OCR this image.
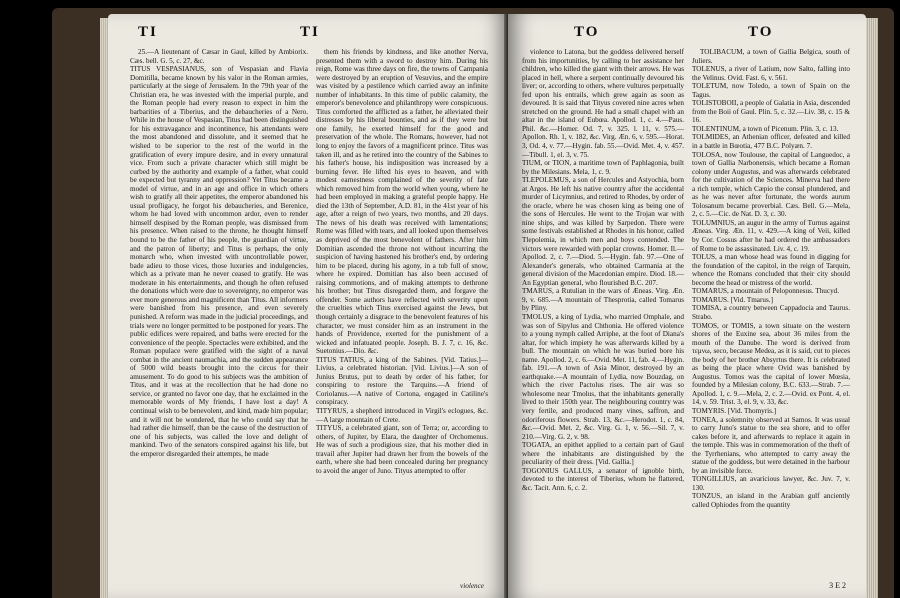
TI	TI

25.—A lieutenant of Cæsar in Gaul, killed by Ambiorix. Cæs. bell. G. 5, c. 27, &c.
TITUS VESPASIANUS, son of Vespasian and Flavia Domitilla, became known by his valor in the Roman armies, particularly at the siege of Jerusalem. In the 79th year of the Christian era, he was invested with the imperial purple, and the Roman people had every reason to expect in him the barbarities of a Tiberius, and the debaucheries of a Nero. While in the house of Vespasian, Titus had been distinguished for his extravagance and incontinence, his attendants were the most abandoned and dissolute, and it seemed that he wished to be superior to the rest of the world in the gratification of every impure desire, and in every unnatural vice. From such a private character which still might be curbed by the authority and example of a father, what could be expected but tyranny and oppression? Yet Titus became a model of virtue, and in an age and office in which others wish to gratify all their appetites, the emperor abandoned his usual profligacy, he forgot his debaucheries, and Berenice, whom he had loved with uncommon ardor, even to render himself despised by the Roman people, was dismissed from his presence. When raised to the throne, he thought himself bound to be the father of his people, the guardian of virtue, and the patron of liberty; and Titus is perhaps, the only monarch who, when invested with uncontrollable power, bade adieu to those vices, those luxuries and indulgencies, which as a private man he never ceased to gratify. He was moderate in his entertainments, and though he often refused the donations which were due to sovereignty, no emperor was ever more generous and magnificent than Titus. All informers were banished from his presence, and even severely punished. A reform was made in the judicial proceedings, and trials were no longer permitted to be postponed for years. The public edifices were repaired, and baths were erected for the convenience of the people. Spectacles were exhibited, and the Roman populace were gratified with the sight of a naval combat in the ancient naumachia, and the sudden appearance of 5000 wild beasts brought into the circus for their amusement. To do good to his subjects was the ambition of Titus, and it was at the recollection that he had done no service, or granted no favor one day, that he exclaimed in the memorable words of My friends, I have lost a day! A continual wish to be benevolent, and kind, made him popular; and it will not be wondered, that he who could say that he had rather die himself, than be the cause of the destruction of one of his subjects, was called the love and delight of mankind. Two of the senators conspired against his life, but the emperor disregarded their attempts, he made

them his friends by kindness, and like another Nerva, presented them with a sword to destroy him. During his reign, Rome was three days on fire, the towns of Campania were destroyed by an eruption of Vesuvius, and the empire was visited by a pestilence which carried away an infinite number of inhabitants. In this time of public calamity, the emperor's benevolence and philanthropy were conspicuous. Titus comforted the afflicted as a father, he alleviated their distresses by his liberal bounties, and as if they were but one family, he exerted himself for the good and preservation of the whole. The Romans, however, had not long to enjoy the favors of a magnificent prince. Titus was taken ill, and as he retired into the country of the Sabines to his father's house, his indisposition was increased by a burning fever. He lifted his eyes to heaven, and with modest earnestness complained of the severity of fate which removed him from the world when young, where he had been employed in making a grateful people happy. He died the 13th of September, A.D. 81, in the 41st year of his age, after a reign of two years, two months, and 20 days. The news of his death was received with lamentations; Rome was filled with tears, and all looked upon themselves as deprived of the most benevolent of fathers. After him Domitian ascended the throne not without incurring the suspicion of having hastened his brother's end, by ordering him to be placed, during his agony, in a tub full of snow, where he expired. Domitian has also been accused of raising commotions, and of making attempts to dethrone his brother; but Titus disregarded them, and forgave the offender. Some authors have reflected with severity upon the cruelties which Titus exercised against the Jews, but though certainly a disgrace to the benevolent features of his character, we must consider him as an instrument in the hands of Providence, exerted for the punishment of a wicked and infatuated people. Joseph. B. J. 7, c. 16, &c. Suetonius.—Dio. &c.
TITUS TATIUS, a king of the Sabines. [Vid. Tatius.]—Livius, a celebrated historian. [Vid. Livius.]—A son of Junius Brutus, put to death by order of his father, for conspiring to restore the Tarquins.—A friend of Coriolanus.—A native of Cortona, engaged in Catiline's conspiracy.
TITYRUS, a shepherd introduced in Virgil's eclogues, &c.—A large mountain of Crete.
TITYUS, a celebrated giant, son of Terra; or, according to others, of Jupiter, by Elara, the daughter of Orchomenus. He was of such a prodigious size, that his mother died in travail after Jupiter had drawn her from the bowels of the earth, where she had been concealed during her pregnancy to avoid the anger of Juno. Tityus attempted to offer

violence
TO	TO

violence to Latona, but the goddess delivered herself from his importunities, by calling to her assistance her children, who killed the giant with their arrows. He was placed in hell, where a serpent continually devoured his liver; or, according to others, where vultures perpetually fed upon his entrails, which grew again as soon as devoured. It is said that Tityus covered nine acres when stretched on the ground. He had a small chapel with an altar in the island of Eubœa. Apollod. 1, c. 4.—Paus. Phil. &c.—Homer. Od. 7, v. 325. l. 11, v. 575.—Apollon. Rh. 1, v. 182, &c. Virg. Æn. 6, v. 595.—Horat. 3, Od. 4, v. 77.—Hygin. fab. 55.—Ovid. Met. 4, v. 457.—Tibull. 1, el. 3, v. 75.
TIUM, or TION, a maritime town of Paphlagonia, built by the Milesians. Mela, 1, c. 9.
TLEPOLEMUS, a son of Hercules and Astyochia, born at Argos. He left his native country after the accidental murder of Licymnius, and retired to Rhodes, by order of the oracle, where he was chosen king as being one of the sons of Hercules. He went to the Trojan war with nine ships, and was killed by Sarpedon. There were some festivals established at Rhodes in his honor, called Tlepolemia, in which men and boys contended. The victors were rewarded with poplar crowns. Homer. Il.—Apollod. 2, c. 7.—Diod. 5.—Hygin. fab. 97.—One of Alexander's generals, who obtained Carmania at the general division of the Macedonian empire. Diod. 18.—An Egyptian general, who flourished B.C. 207.
TMARUS, a Rutulian in the wars of Æneas. Virg. Æn. 9, v. 685.—A mountain of Thesprotia, called Tomarus by Pliny.
TMOLUS, a king of Lydia, who married Omphale, and was son of Sipylus and Chthonia. He offered violence to a young nymph called Arriphe, at the foot of Diana's altar, for which impiety he was afterwards killed by a bull. The mountain on which he was buried bore his name. Apollod. 2, c. 6.—Ovid. Met. 11, fab. 4.—Hygin. fab. 191.—A town of Asia Minor, destroyed by an earthquake.—A mountain of Lydia, now Bouzdag, on which the river Pactolus rises. The air was so wholesome near Tmolus, that the inhabitants generally lived to their 150th year. The neighbouring country was very fertile, and produced many vines, saffron, and odoriferous flowers. Strab. 13, &c.—Herodot. 1, c. 84, &c.—Ovid. Met. 2, &c. Virg. G. 1, v. 56.—Sil. 7, v. 210.—Virg. G. 2, v. 98.
TOGATA, an epithet applied to a certain part of Gaul where the inhabitants are distinguished by the peculiarity of their dress. [Vid. Gallia.]
TOGONIUS GALLUS, a senator of ignoble birth, devoted to the interest of Tiberius, whom he flattered, &c. Tacit. Ann. 6, c. 2.

TOLIBACUM, a town of Gallia Belgica, south of Juliers.
TOLENUS, a river of Latium, now Salto, falling into the Velinus. Ovid. Fast. 6, v. 561.
TOLETUM, now Toledo, a town of Spain on the Tagus.
TOLISTOBOII, a people of Galatia in Asia, descended from the Boii of Gaul. Plin. 5, c. 32.—Liv. 38, c. 15 & 16.
TOLENTINUM, a town of Picenum. Plin. 3, c. 13.
TOLMIDES, an Athenian officer, defeated and killed in a battle in Bœotia, 477 B.C. Polyæn. 7.
TOLOSA, now Toulouse, the capital of Languedoc, a town of Gallia Narbonensis, which became a Roman colony under Augustus, and was afterwards celebrated for the cultivation of the Sciences. Minerva had there a rich temple, which Cæpio the consul plundered, and as he was never after fortunate, the words aurum Tolosanum became proverbial. Cæs. Bell. G.—Mela, 2, c. 5.—Cic. de Nat. D. 3, c. 30.
TOLUMNIUS, an augur in the army of Turnus against Æneas. Virg. Æn. 11, v. 429.—A king of Veii, killed by Cor. Cossus after he had ordered the ambassadors of Rome to be assassinated. Liv. 4, c. 19.
TOLUS, a man whose head was found in digging for the foundation of the capitol, in the reign of Tarquin, whence the Romans concluded that their city should become the head or mistress of the world.
TOMARUS, a mountain of Peloponnesus. Thucyd.
TOMARUS. [Vid. Tmarus.]
TOMISA, a country between Cappadocia and Taurus. Strabo.
TOMOS, or TOMIS, a town situate on the western shores of the Euxine sea, about 36 miles from the mouth of the Danube. The word is derived from τεμνω, seco, because Medea, as it is said, cut to pieces the body of her brother Absyrtus there. It is celebrated as being the place where Ovid was banished by Augustus. Tomos was the capital of lower Mœsia, founded by a Milesian colony, B.C. 633.—Strab. 7.—Apollod. 1, c. 9.—Mela, 2, c. 2.—Ovid. ex Pont. 4, el. 14, v. 59. Trist. 3, el. 9, v. 33, &c.
TOMYRIS. [Vid. Thomyris.]
TONEA, a solemnity observed at Samos. It was usual to carry Juno's statue to the sea shore, and to offer cakes before it, and afterwards to replace it again in the temple. This was in commemoration of the theft of the Tyrrhenians, who attempted to carry away the statue of the goddess, but were detained in the harbour by an invisible force.
TONGILLIUS, an avaricious lawyer, &c. Juv. 7, v. 130.
TONZUS, an island in the Arabian gulf anciently called Ophiodes from the quantity

3 E 2
